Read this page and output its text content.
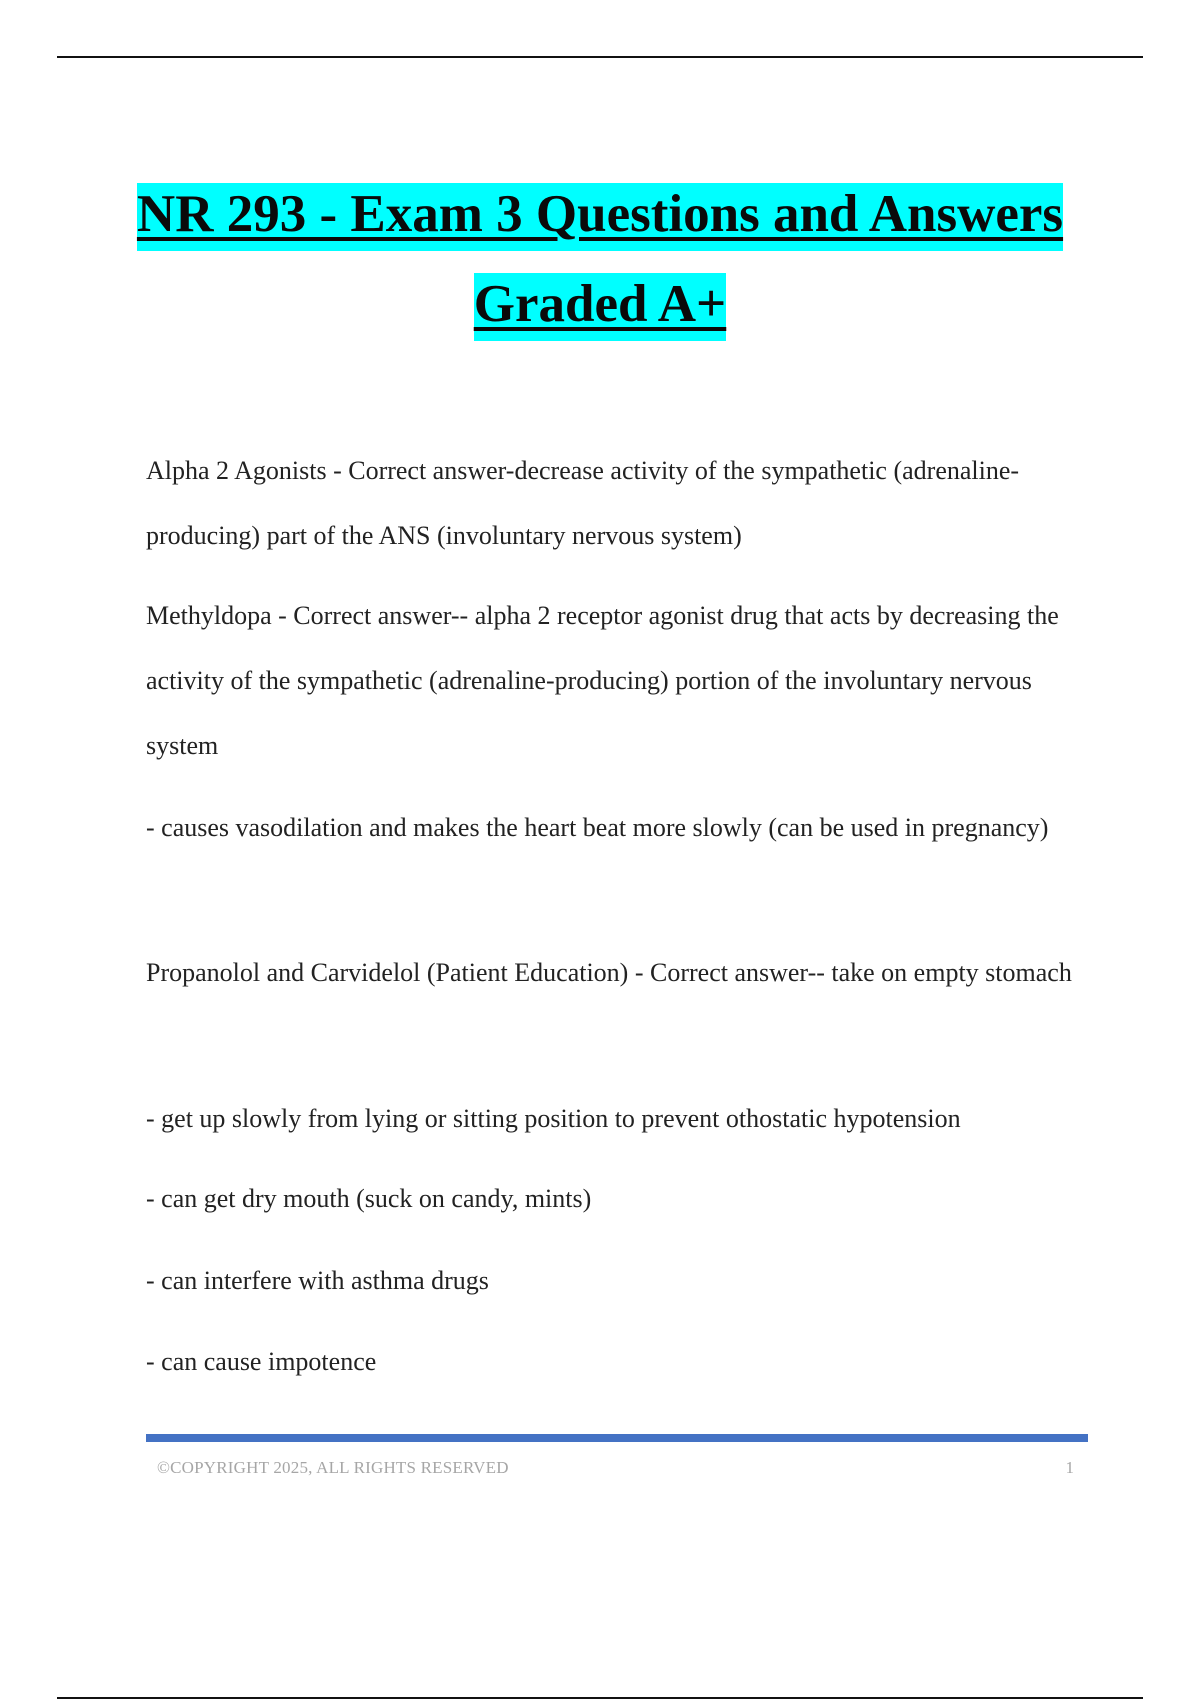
NR 293 - Exam 3 Questions and Answers
Graded A+
Alpha 2 Agonists - Correct answer-decrease activity of the sympathetic (adrenaline-producing) part of the ANS (involuntary nervous system)
Methyldopa - Correct answer-- alpha 2 receptor agonist drug that acts by decreasing the activity of the sympathetic (adrenaline-producing) portion of the involuntary nervous system
- causes vasodilation and makes the heart beat more slowly (can be used in pregnancy)
Propanolol and Carvidelol (Patient Education) - Correct answer-- take on empty stomach
- get up slowly from lying or sitting position to prevent othostatic hypotension
- can get dry mouth (suck on candy, mints)
- can interfere with asthma drugs
- can cause impotence
©COPYRIGHT 2025, ALL RIGHTS RESERVED	1
